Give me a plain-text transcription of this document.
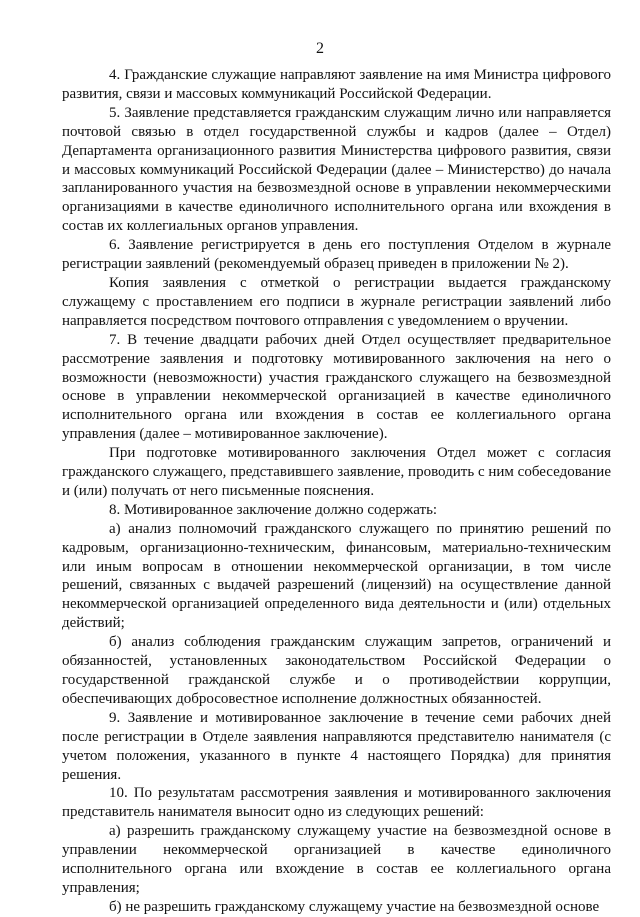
2

4. Гражданские служащие направляют заявление на имя Министра цифрового развития, связи и массовых коммуникаций Российской Федерации.

5. Заявление представляется гражданским служащим лично или направляется почтовой связью в отдел государственной службы и кадров (далее – Отдел) Департамента организационного развития Министерства цифрового развития, связи и массовых коммуникаций Российской Федерации (далее – Министерство) до начала запланированного участия на безвозмездной основе в управлении некоммерческими организациями в качестве единоличного исполнительного органа или вхождения в состав их коллегиальных органов управления.

6. Заявление регистрируется в день его поступления Отделом в журнале регистрации заявлений (рекомендуемый образец приведен в приложении № 2).

Копия заявления с отметкой о регистрации выдается гражданскому служащему с проставлением его подписи в журнале регистрации заявлений либо направляется посредством почтового отправления с уведомлением о вручении.

7. В течение двадцати рабочих дней Отдел осуществляет предварительное рассмотрение заявления и подготовку мотивированного заключения на него о возможности (невозможности) участия гражданского служащего на безвозмездной основе в управлении некоммерческой организацией в качестве единоличного исполнительного органа или вхождения в состав ее коллегиального органа управления (далее – мотивированное заключение).

При подготовке мотивированного заключения Отдел может с согласия гражданского служащего, представившего заявление, проводить с ним собеседование и (или) получать от него письменные пояснения.

8. Мотивированное заключение должно содержать:

а) анализ полномочий гражданского служащего по принятию решений по кадровым, организационно-техническим, финансовым, материально-техническим или иным вопросам в отношении некоммерческой организации, в том числе решений, связанных с выдачей разрешений (лицензий) на осуществление данной некоммерческой организацией определенного вида деятельности и (или) отдельных действий;

б) анализ соблюдения гражданским служащим запретов, ограничений и обязанностей, установленных законодательством Российской Федерации о государственной гражданской службе и о противодействии коррупции, обеспечивающих добросовестное исполнение должностных обязанностей.

9. Заявление и мотивированное заключение в течение семи рабочих дней после регистрации в Отделе заявления направляются представителю нанимателя (с учетом положения, указанного в пункте 4 настоящего Порядка) для принятия решения.

10. По результатам рассмотрения заявления и мотивированного заключения представитель нанимателя выносит одно из следующих решений:

а) разрешить гражданскому служащему участие на безвозмездной основе в управлении некоммерческой организацией в качестве единоличного исполнительного органа или вхождение в состав ее коллегиального органа управления;

б) не разрешить гражданскому служащему участие на безвозмездной основе
